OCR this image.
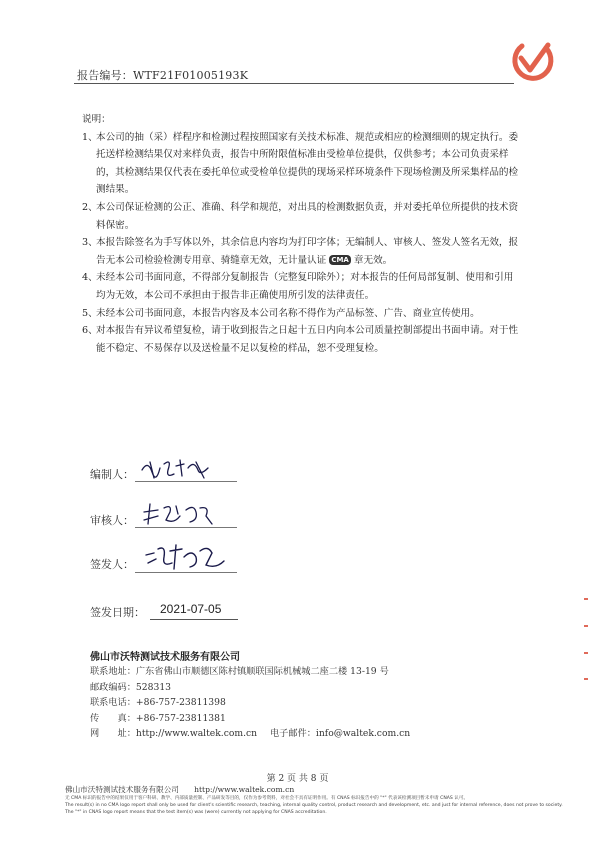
报告编号：WTF21F01005193K

说明：

1、
本公司的抽（采）样程序和检测过程按照国家有关技术标准、规范或相应的检测细则的规定执行。委托送样检测结果仅对来样负责，报告中所附限值标准由受检单位提供，仅供参考；本公司负责采样的，其检测结果仅代表在委托单位或受检单位提供的现场采样环境条件下现场检测及所采集样品的检测结果。
2、
本公司保证检测的公正、准确、科学和规范，对出具的检测数据负责，并对委托单位所提供的技术资料保密。
3、
本报告除签名为手写体以外，其余信息内容均为打印字体；无编制人、审核人、签发人签名无效，报告无本公司检验检测专用章、骑缝章无效，无计量认证 CMA 章无效。
4、
未经本公司书面同意，不得部分复制报告（完整复印除外）；对本报告的任何局部复制、使用和引用均为无效，本公司不承担由于报告非正确使用所引发的法律责任。
5、
未经本公司书面同意，本报告内容及本公司名称不得作为产品标签、广告、商业宣传使用。
6、
对本报告有异议希望复检，请于收到报告之日起十五日内向本公司质量控制部提出书面申请。对于性能不稳定、不易保存以及送检量不足以复检的样品，恕不受理复检。
编制人：
审核人：
签发人：
签发日期： 2021-07-05
佛山市沃特测试技术服务有限公司
联系地址：广东省佛山市顺德区陈村镇顺联国际机械城二座二楼 13-19 号
邮政编码：528313
联系电话：+86-757-23811398
传　　真：+86-757-23811381
网　　址：http://www.waltek.com.cn 电子邮件：info@waltek.com.cn
第 2 页 共 8 页
佛山市沃特测试技术服务有限公司　　http://www.waltek.com.cn
无 CMA 标识的报告中的结果仅用于客户科研、教学、内部质量控制、产品研发等目的，仅作为参考资料，对社会不具有证明作用。有 CNAS 标识报告中的 "*" 代表该检测项目暂未申请 CNAS 认可。
The result(s) in no CMA logo report shall only be used for client's scientific research, teaching, internal quality control, product research and development, etc. and just for internal reference, does not prove to society.
The "*" in CNAS logo report means that the test item(s) was (were) currently not applying for CNAS accreditation.
